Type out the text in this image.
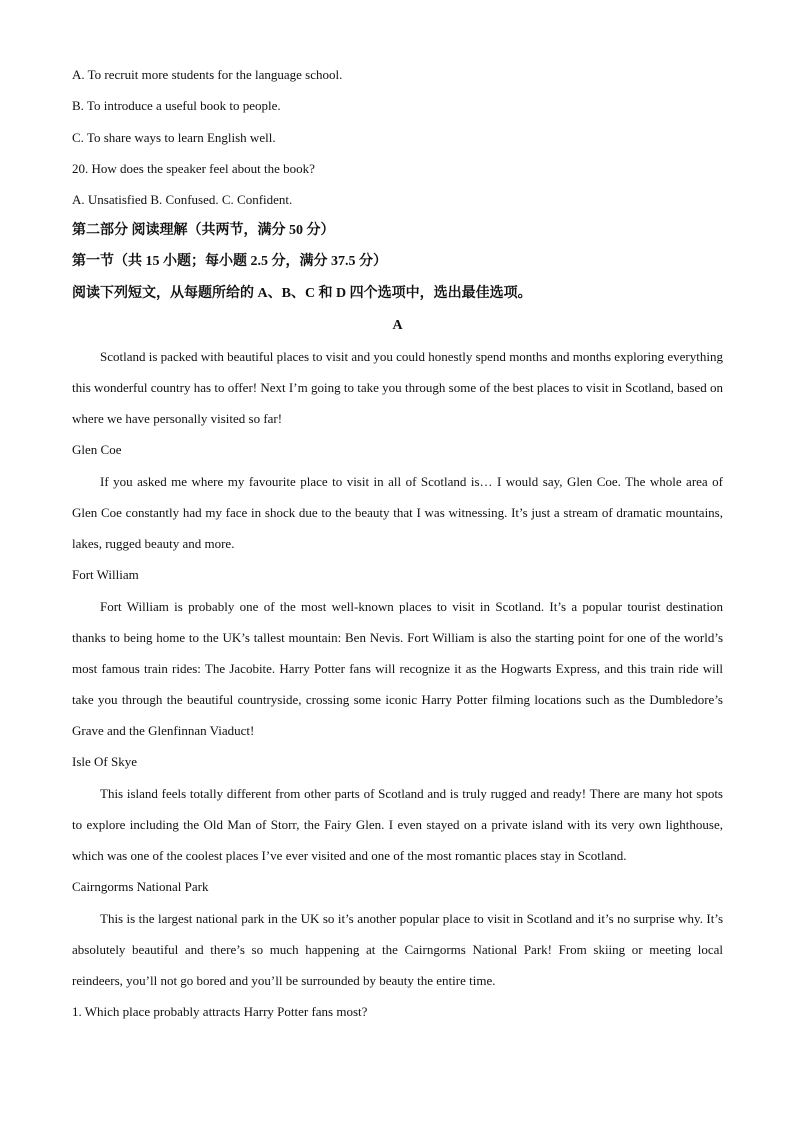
A. To recruit more students for the language school.
B. To introduce a useful book to people.
C. To share ways to learn English well.
20. How does the speaker feel about the book?
A. Unsatisfied B. Confused. C. Confident.
第二部分 阅读理解（共两节，满分 50 分）
第一节（共 15 小题；每小题 2.5 分，满分 37.5 分）
阅读下列短文，从每题所给的 A、B、C 和 D 四个选项中，选出最佳选项。
A
Scotland is packed with beautiful places to visit and you could honestly spend months and months exploring everything this wonderful country has to offer! Next I’m going to take you through some of the best places to visit in Scotland, based on where we have personally visited so far!
Glen Coe
If you asked me where my favourite place to visit in all of Scotland is… I would say, Glen Coe. The whole area of Glen Coe constantly had my face in shock due to the beauty that I was witnessing. It’s just a stream of dramatic mountains, lakes, rugged beauty and more.
Fort William
Fort William is probably one of the most well-known places to visit in Scotland. It’s a popular tourist destination thanks to being home to the UK’s tallest mountain: Ben Nevis. Fort William is also the starting point for one of the world’s most famous train rides: The Jacobite. Harry Potter fans will recognize it as the Hogwarts Express, and this train ride will take you through the beautiful countryside, crossing some iconic Harry Potter filming locations such as the Dumbledore’s Grave and the Glenfinnan Viaduct!
Isle Of Skye
This island feels totally different from other parts of Scotland and is truly rugged and ready! There are many hot spots to explore including the Old Man of Storr, the Fairy Glen. I even stayed on a private island with its very own lighthouse, which was one of the coolest places I’ve ever visited and one of the most romantic places stay in Scotland.
Cairngorms National Park
This is the largest national park in the UK so it’s another popular place to visit in Scotland and it’s no surprise why. It’s absolutely beautiful and there’s so much happening at the Cairngorms National Park! From skiing or meeting local reindeers, you’ll not go bored and you’ll be surrounded by beauty the entire time.
1. Which place probably attracts Harry Potter fans most?
